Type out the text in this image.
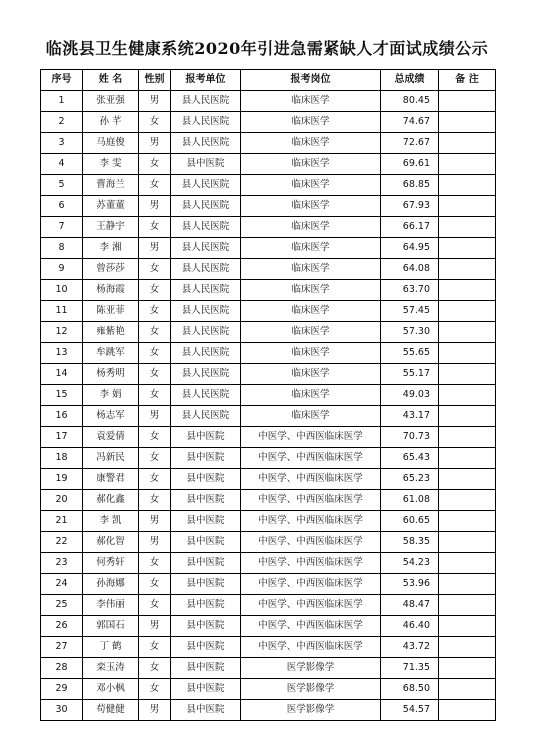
临洮县卫生健康系统2020年引进急需紧缺人才面试成绩公示
序号	姓 名	性别	报考单位	报考岗位	总成绩	备 注
1	张亚强	男	县人民医院	临床医学	80.45	
2	孙 芊	女	县人民医院	临床医学	74.67	
3	马庭俊	男	县人民医院	临床医学	72.67	
4	李 雯	女	县中医院	临床医学	69.61	
5	曹海兰	女	县人民医院	临床医学	68.85	
6	苏董董	男	县人民医院	临床医学	67.93	
7	王静宇	女	县人民医院	临床医学	66.17	
8	李 湘	男	县人民医院	临床医学	64.95	
9	曾莎莎	女	县人民医院	临床医学	64.08	
10	杨海霞	女	县人民医院	临床医学	63.70	
11	陈亚菲	女	县人民医院	临床医学	57.45	
12	雍紫艳	女	县人民医院	临床医学	57.30	
13	牟跳军	女	县人民医院	临床医学	55.65	
14	杨秀明	女	县人民医院	临床医学	55.17	
15	李 娟	女	县人民医院	临床医学	49.03	
16	杨志军	男	县人民医院	临床医学	43.17	
17	袁爱倩	女	县中医院	中医学、中西医临床医学	70.73	
18	冯新民	女	县中医院	中医学、中西医临床医学	65.43	
19	康警君	女	县中医院	中医学、中西医临床医学	65.23	
20	郝化鑫	女	县中医院	中医学、中西医临床医学	61.08	
21	李 凯	男	县中医院	中医学、中西医临床医学	60.65	
22	郝化智	男	县中医院	中医学、中西医临床医学	58.35	
23	何秀轩	女	县中医院	中医学、中西医临床医学	54.23	
24	孙海娜	女	县中医院	中医学、中西医临床医学	53.96	
25	李伟丽	女	县中医院	中医学、中西医临床医学	48.47	
26	郭国石	男	县中医院	中医学、中西医临床医学	46.40	
27	丁 鹤	女	县中医院	中医学、中西医临床医学	43.72	
28	栾玉涛	女	县中医院	医学影像学	71.35	
29	邓小枫	女	县中医院	医学影像学	68.50	
30	苟健健	男	县中医院	医学影像学	54.57	
